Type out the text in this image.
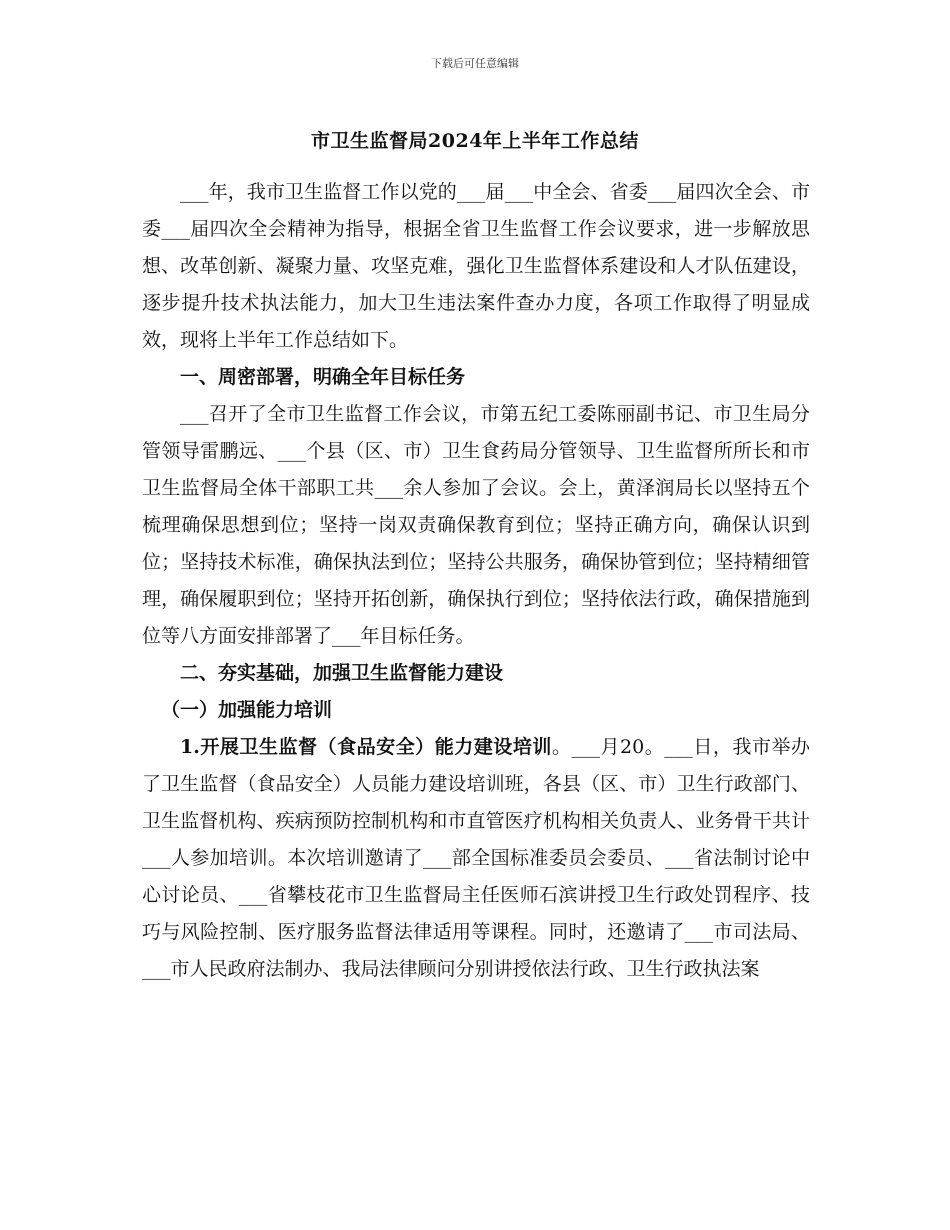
下载后可任意编辑
市卫生监督局2024年上半年工作总结

___年，我市卫生监督工作以党的___届___中全会、省委___届四次全会、市委___届四次全会精神为指导，根据全省卫生监督工作会议要求，进一步解放思想、改革创新、凝聚力量、攻坚克难，强化卫生监督体系建设和人才队伍建设，逐步提升技术执法能力，加大卫生违法案件查办力度，各项工作取得了明显成效，现将上半年工作总结如下。

一、周密部署，明确全年目标任务

___召开了全市卫生监督工作会议，市第五纪工委陈丽副书记、市卫生局分管领导雷鹏远、___个县（区、市）卫生食药局分管领导、卫生监督所所长和市卫生监督局全体干部职工共___余人参加了会议。会上，黄泽润局长以坚持五个梳理确保思想到位；坚持一岗双责确保教育到位；坚持正确方向，确保认识到位；坚持技术标准，确保执法到位；坚持公共服务，确保协管到位；坚持精细管理，确保履职到位；坚持开拓创新，确保执行到位；坚持依法行政，确保措施到位等八方面安排部署了___年目标任务。

二、夯实基础，加强卫生监督能力建设

（一）加强能力培训

1.开展卫生监督（食品安全）能力建设培训。___月20。___日，我市举办了卫生监督（食品安全）人员能力建设培训班，各县（区、市）卫生行政部门、卫生监督机构、疾病预防控制机构和市直管医疗机构相关负责人、业务骨干共计___人参加培训。本次培训邀请了___部全国标准委员会委员、___省法制讨论中心讨论员、___省攀枝花市卫生监督局主任医师石滨讲授卫生行政处罚程序、技巧与风险控制、医疗服务监督法律适用等课程。同时，还邀请了___市司法局、___市人民政府法制办、我局法律顾问分别讲授依法行政、卫生行政执法案
